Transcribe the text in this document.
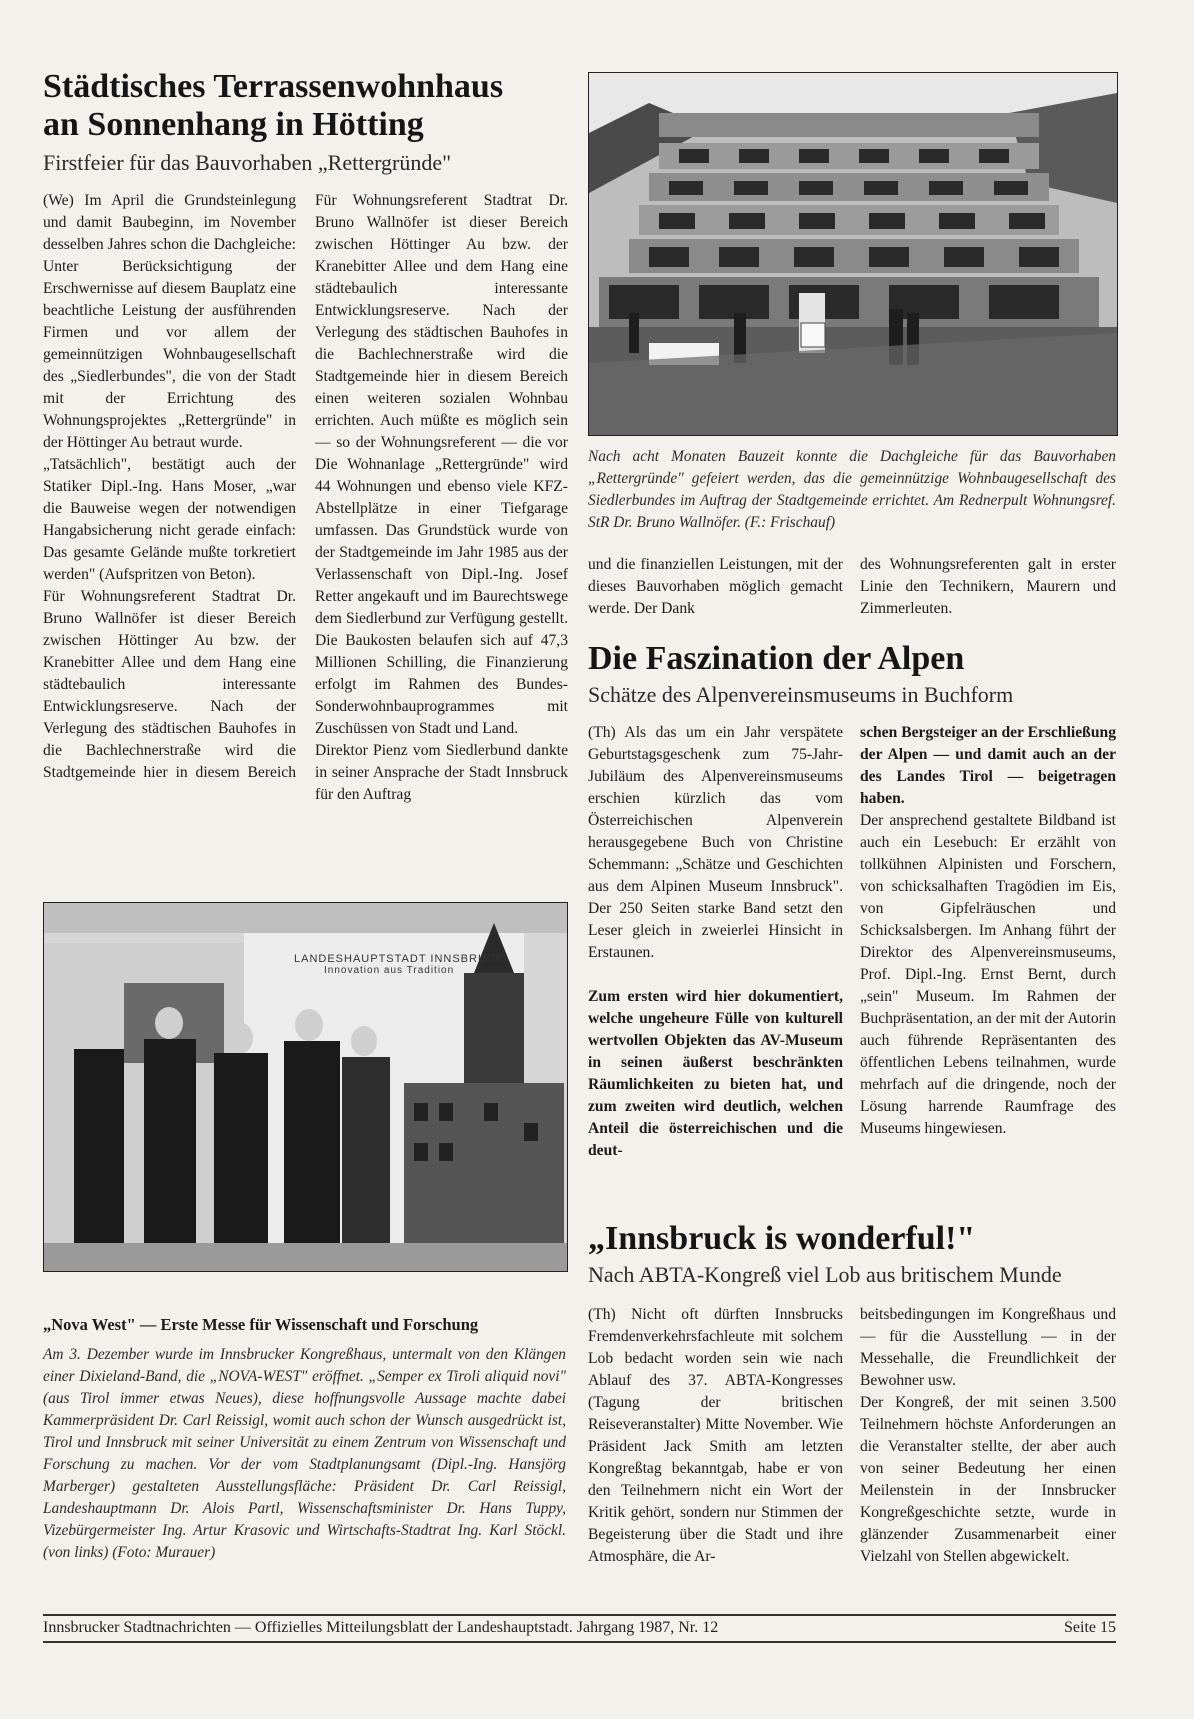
Städtisches Terrassenwohnhaus
an Sonnenhang in Hötting
Firstfeier für das Bauvorhaben „Rettergründe"

(We) Im April die Grundsteinlegung und damit Baubeginn, im November desselben Jahres schon die Dachgleiche: Unter Berücksichtigung der Erschwernisse auf diesem Bauplatz eine beachtliche Leistung der ausführenden Firmen und vor allem der gemeinnützigen Wohnbaugesellschaft des „Siedlerbundes", die von der Stadt mit der Errichtung des Wohnungsprojektes „Rettergründe" in der Höttinger Au betraut wurde.

„Tatsächlich", bestätigt auch der Statiker Dipl.-Ing. Hans Moser, „war die Bauweise wegen der notwendigen Hangabsicherung nicht gerade einfach: Das gesamte Gelände mußte torkretiert werden" (Aufspritzen von Beton).

Für Wohnungsreferent Stadtrat Dr. Bruno Wallnöfer ist dieser Bereich zwischen Höttinger Au bzw. der Kranebitter Allee und dem Hang eine städtebaulich interessante Entwicklungsreserve. Nach der Verlegung des städtischen Bauhofes in die Bachlechnerstraße wird die Stadtgemeinde hier in diesem Bereich

Für Wohnungsreferent Stadtrat Dr. Bruno Wallnöfer ist dieser Bereich zwischen Höttinger Au bzw. der Kranebitter Allee und dem Hang eine städtebaulich interessante Entwicklungsreserve. Nach der Verlegung des städtischen Bauhofes in die Bachlechnerstraße wird die Stadtgemeinde hier in diesem Bereich einen weiteren sozialen Wohnbau errichten. Auch müßte es möglich sein — so der Wohnungsreferent — die vor

Die Wohnanlage „Rettergründe" wird 44 Wohnungen und ebenso viele KFZ-Abstellplätze in einer Tiefgarage umfassen. Das Grundstück wurde von der Stadtgemeinde im Jahr 1985 aus der Verlassenschaft von Dipl.-Ing. Josef Retter angekauft und im Baurechtswege dem Siedlerbund zur Verfügung gestellt. Die Baukosten belaufen sich auf 47,3 Millionen Schilling, die Finanzierung erfolgt im Rahmen des Bundes-Sonderwohnbauprogrammes mit Zuschüssen von Stadt und Land.

Direktor Pienz vom Siedlerbund dankte in seiner Ansprache der Stadt Innsbruck für den Auftrag

Nach acht Monaten Bauzeit konnte die Dachgleiche für das Bauvorhaben „Rettergründe" gefeiert werden, das die gemeinnützige Wohnbaugesellschaft des Siedlerbundes im Auftrag der Stadtgemeinde errichtet. Am Rednerpult Wohnungsref. StR Dr. Bruno Wallnöfer. (F.: Frischauf)

und die finanziellen Leistungen, mit der dieses Bauvorhaben möglich gemacht werde. Der Dank

des Wohnungsreferenten galt in erster Linie den Technikern, Maurern und Zimmerleuten.

LANDESHAUPTSTADT INNSBRUCK
Innovation aus Tradition
„Nova West" — Erste Messe für Wissenschaft und Forschung
Am 3. Dezember wurde im Innsbrucker Kongreßhaus, untermalt von den Klängen einer Dixieland-Band, die „NOVA-WEST" eröffnet. „Semper ex Tiroli aliquid novi" (aus Tirol immer etwas Neues), diese hoffnungsvolle Aussage machte dabei Kammerpräsident Dr. Carl Reissigl, womit auch schon der Wunsch ausgedrückt ist, Tirol und Innsbruck mit seiner Universität zu einem Zentrum von Wissenschaft und Forschung zu machen. Vor der vom Stadtplanungsamt (Dipl.-Ing. Hansjörg Marberger) gestalteten Ausstellungsfläche: Präsident Dr. Carl Reissigl, Landeshauptmann Dr. Alois Partl, Wissenschaftsminister Dr. Hans Tuppy, Vizebürgermeister Ing. Artur Krasovic und Wirtschafts-Stadtrat Ing. Karl Stöckl. (von links) (Foto: Murauer)
Die Faszination der Alpen
Schätze des Alpenvereinsmuseums in Buchform

(Th) Als das um ein Jahr verspätete Geburtstagsgeschenk zum 75-Jahr-Jubiläum des Alpenvereinsmuseums erschien kürzlich das vom Österreichischen Alpenverein herausgegebene Buch von Christine Schemmann: „Schätze und Geschichten aus dem Alpinen Museum Innsbruck". Der 250 Seiten starke Band setzt den Leser gleich in zweierlei Hinsicht in Erstaunen.

Zum ersten wird hier dokumentiert, welche ungeheure Fülle von kulturell wertvollen Objekten das AV-Museum in seinen äußerst beschränkten Räumlichkeiten zu bieten hat, und zum zweiten wird deutlich, welchen Anteil die österreichischen und die deut-

schen Bergsteiger an der Erschließung der Alpen — und damit auch an der des Landes Tirol — beigetragen haben.

Der ansprechend gestaltete Bildband ist auch ein Lesebuch: Er erzählt von tollkühnen Alpinisten und Forschern, von schicksalhaften Tragödien im Eis, von Gipfelräuschen und Schicksalsbergen. Im Anhang führt der Direktor des Alpenvereinsmuseums, Prof. Dipl.-Ing. Ernst Bernt, durch „sein" Museum. Im Rahmen der Buchpräsentation, an der mit der Autorin auch führende Repräsentanten des öffentlichen Lebens teilnahmen, wurde mehrfach auf die dringende, noch der Lösung harrende Raumfrage des Museums hingewiesen.

„Innsbruck is wonderful!"
Nach ABTA-Kongreß viel Lob aus britischem Munde

(Th) Nicht oft dürften Innsbrucks Fremdenverkehrsfachleute mit solchem Lob bedacht worden sein wie nach Ablauf des 37. ABTA-Kongresses (Tagung der britischen Reiseveranstalter) Mitte November. Wie Präsident Jack Smith am letzten Kongreßtag bekanntgab, habe er von den Teilnehmern nicht ein Wort der Kritik gehört, sondern nur Stimmen der Begeisterung über die Stadt und ihre Atmosphäre, die Ar-

beitsbedingungen im Kongreßhaus und — für die Ausstellung — in der Messehalle, die Freundlichkeit der Bewohner usw.

Der Kongreß, der mit seinen 3.500 Teilnehmern höchste Anforderungen an die Veranstalter stellte, der aber auch von seiner Bedeutung her einen Meilenstein in der Innsbrucker Kongreßgeschichte setzte, wurde in glänzender Zusammenarbeit einer Vielzahl von Stellen abgewickelt.

Innsbrucker Stadtnachrichten — Offizielles Mitteilungsblatt der Landeshauptstadt. Jahrgang 1987, Nr. 12	Seite 15
